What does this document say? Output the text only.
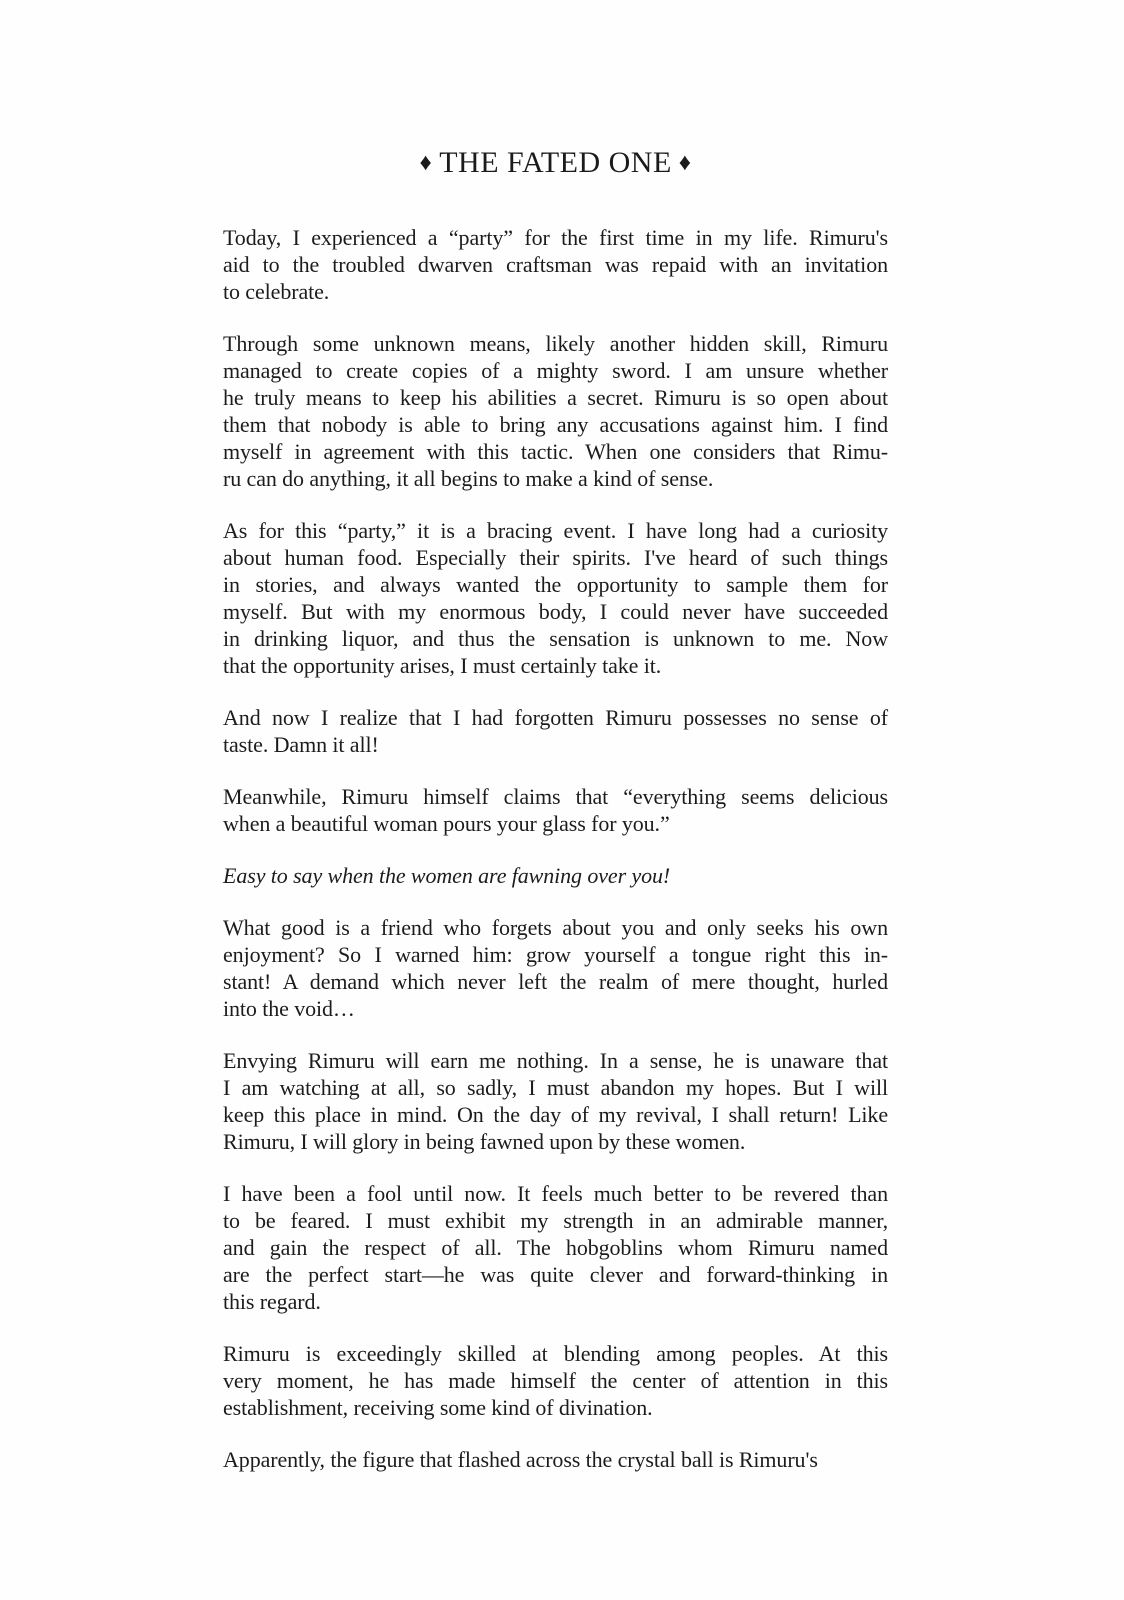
♦ THE FATED ONE ♦

Today, I experienced a “party” for the first time in my life. Rimuru's
aid to the troubled dwarven craftsman was repaid with an invitation
to celebrate.

Through some unknown means, likely another hidden skill, Rimuru
managed to create copies of a mighty sword. I am unsure whether
he truly means to keep his abilities a secret. Rimuru is so open about
them that nobody is able to bring any accusations against him. I find
myself in agreement with this tactic. When one considers that Rimu-
ru can do anything, it all begins to make a kind of sense.

As for this “party,” it is a bracing event. I have long had a curiosity
about human food. Especially their spirits. I've heard of such things
in stories, and always wanted the opportunity to sample them for
myself. But with my enormous body, I could never have succeeded
in drinking liquor, and thus the sensation is unknown to me. Now
that the opportunity arises, I must certainly take it.

And now I realize that I had forgotten Rimuru possesses no sense of
taste. Damn it all!

Meanwhile, Rimuru himself claims that “everything seems delicious
when a beautiful woman pours your glass for you.”

Easy to say when the women are fawning over you!

What good is a friend who forgets about you and only seeks his own
enjoyment? So I warned him: grow yourself a tongue right this in-
stant! A demand which never left the realm of mere thought, hurled
into the void…

Envying Rimuru will earn me nothing. In a sense, he is unaware that
I am watching at all, so sadly, I must abandon my hopes. But I will
keep this place in mind. On the day of my revival, I shall return! Like
Rimuru, I will glory in being fawned upon by these women.

I have been a fool until now. It feels much better to be revered than
to be feared. I must exhibit my strength in an admirable manner,
and gain the respect of all. The hobgoblins whom Rimuru named
are the perfect start—he was quite clever and forward-thinking in
this regard.

Rimuru is exceedingly skilled at blending among peoples. At this
very moment, he has made himself the center of attention in this
establishment, receiving some kind of divination.

Apparently, the figure that flashed across the crystal ball is Rimuru's
